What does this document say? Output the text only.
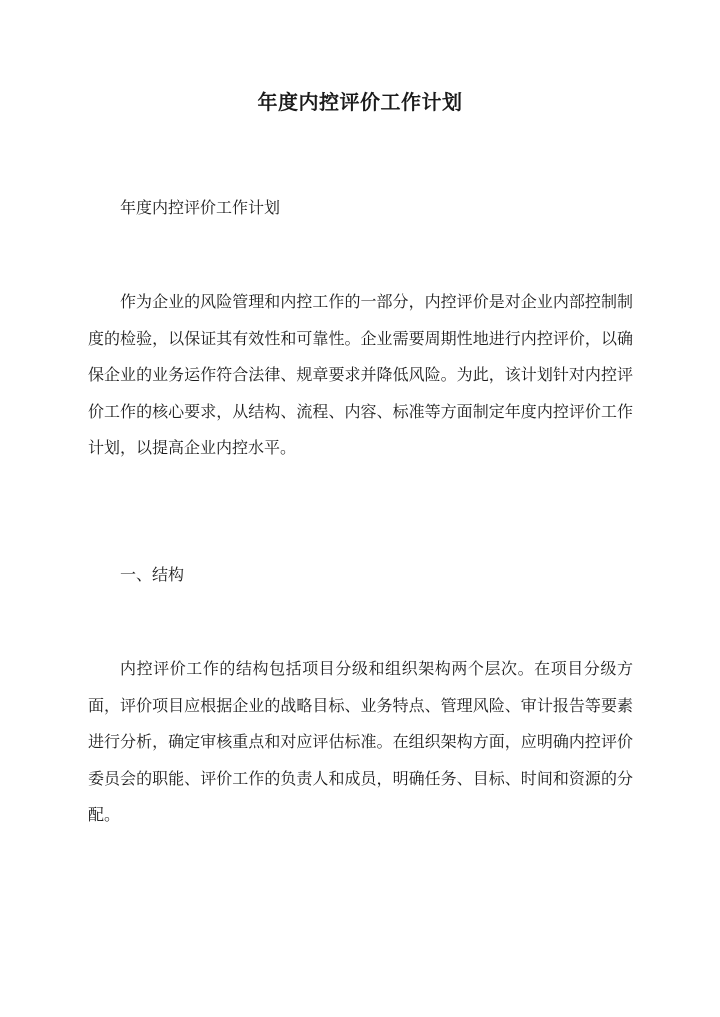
年度内控评价工作计划

年度内控评价工作计划

作为企业的风险管理和内控工作的一部分，内控评价是对企业内部控制制度的检验，以保证其有效性和可靠性。企业需要周期性地进行内控评价，以确保企业的业务运作符合法律、规章要求并降低风险。为此，该计划针对内控评价工作的核心要求，从结构、流程、内容、标准等方面制定年度内控评价工作计划，以提高企业内控水平。

一、结构

内控评价工作的结构包括项目分级和组织架构两个层次。在项目分级方面，评价项目应根据企业的战略目标、业务特点、管理风险、审计报告等要素进行分析，确定审核重点和对应评估标准。在组织架构方面，应明确内控评价委员会的职能、评价工作的负责人和成员，明确任务、目标、时间和资源的分配。
